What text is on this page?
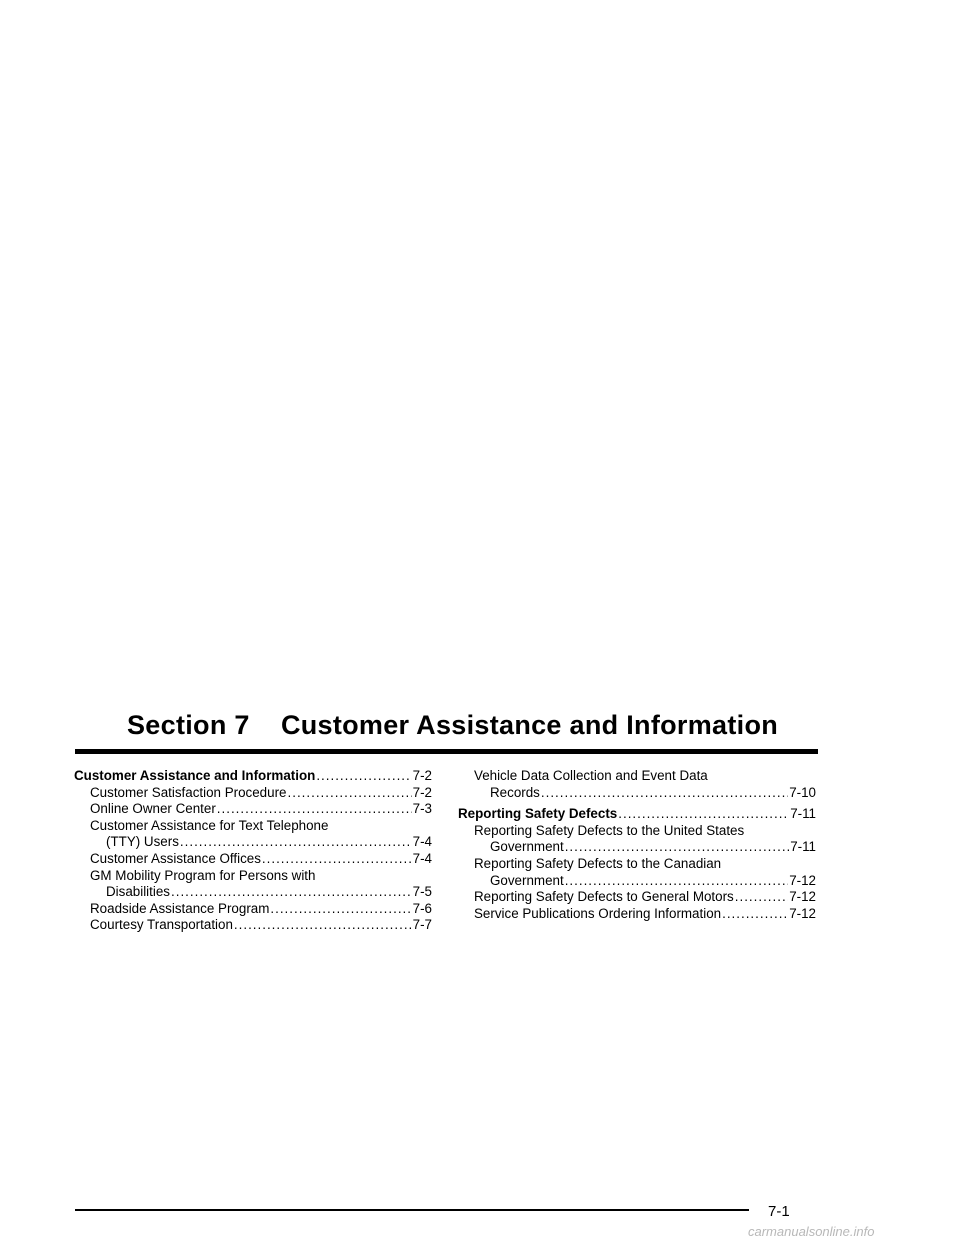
Section 7    Customer Assistance and Information
Customer Assistance and Information .....	7-2
Customer Satisfaction Procedure .....	7-2
Online Owner Center .....	7-3
Customer Assistance for Text Telephone
(TTY) Users .....	7-4
Customer Assistance Offices .....	7-4
GM Mobility Program for Persons with
Disabilities .....	7-5
Roadside Assistance Program .....	7-6
Courtesy Transportation .....	7-7
Vehicle Data Collection and Event Data
Records .....	7-10
Reporting Safety Defects .....	7-11
Reporting Safety Defects to the United States
Government .....	7-11
Reporting Safety Defects to the Canadian
Government .....	7-12
Reporting Safety Defects to General Motors .....	7-12
Service Publications Ordering Information .....	7-12
7-1
carmanualsonline.info
